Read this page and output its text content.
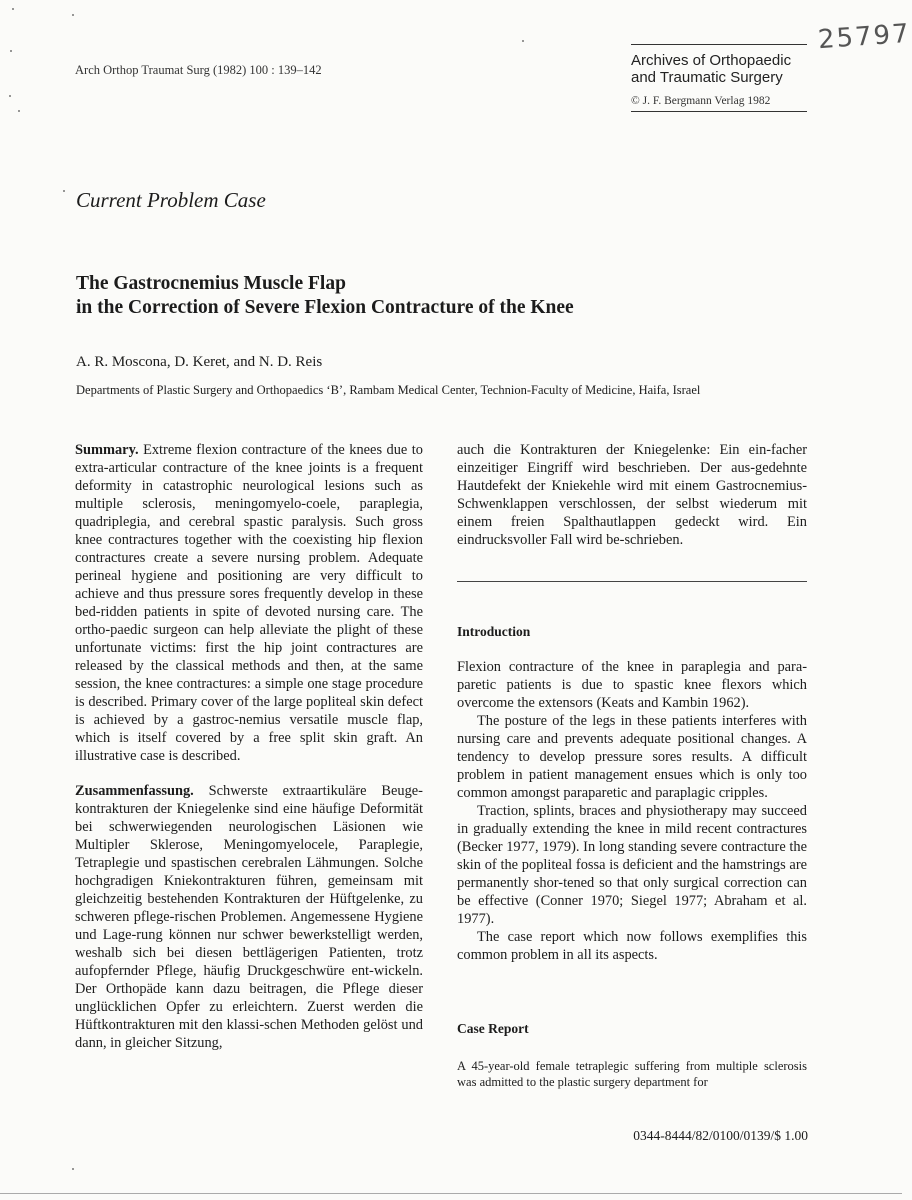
Arch Orthop Traumat Surg (1982) 100 : 139–142
Archives of Orthopaedic
and Traumatic Surgery
© J. F. Bergmann Verlag 1982
25797
Current Problem Case
The Gastrocnemius Muscle Flap
in the Correction of Severe Flexion Contracture of the Knee
A. R. Moscona, D. Keret, and N. D. Reis
Departments of Plastic Surgery and Orthopaedics ‘B’, Rambam Medical Center, Technion-Faculty of Medicine, Haifa, Israel

Summary. Extreme flexion contracture of the knees due to extra-articular contracture of the knee joints is a frequent deformity in catastrophic neurological lesions such as multiple sclerosis, meningomyelo-coele, paraplegia, quadriplegia, and cerebral spastic paralysis. Such gross knee contractures together with the coexisting hip flexion contractures create a severe nursing problem. Adequate perineal hygiene and positioning are very difficult to achieve and thus pressure sores frequently develop in these bed-ridden patients in spite of devoted nursing care. The ortho-paedic surgeon can help alleviate the plight of these unfortunate victims: first the hip joint contractures are released by the classical methods and then, at the same session, the knee contractures: a simple one stage procedure is described. Primary cover of the large popliteal skin defect is achieved by a gastroc-nemius versatile muscle flap, which is itself covered by a free split skin graft. An illustrative case is described.

Zusammenfassung. Schwerste extraartikuläre Beuge-kontrakturen der Kniegelenke sind eine häufige Deformität bei schwerwiegenden neurologischen Läsionen wie Multipler Sklerose, Meningomyelocele, Paraplegie, Tetraplegie und spastischen cerebralen Lähmungen. Solche hochgradigen Kniekontrakturen führen, gemeinsam mit gleichzeitig bestehenden Kontrakturen der Hüftgelenke, zu schweren pflege-rischen Problemen. Angemessene Hygiene und Lage-rung können nur schwer bewerkstelligt werden, weshalb sich bei diesen bettlägerigen Patienten, trotz aufopfernder Pflege, häufig Druckgeschwüre ent-wickeln. Der Orthopäde kann dazu beitragen, die Pflege dieser unglücklichen Opfer zu erleichtern. Zuerst werden die Hüftkontrakturen mit den klassi-schen Methoden gelöst und dann, in gleicher Sitzung,

auch die Kontrakturen der Kniegelenke: Ein ein-facher einzeitiger Eingriff wird beschrieben. Der aus-gedehnte Hautdefekt der Kniekehle wird mit einem Gastrocnemius-Schwenklappen verschlossen, der selbst wiederum mit einem freien Spalthautlappen gedeckt wird. Ein eindrucksvoller Fall wird be-schrieben.

Introduction

Flexion contracture of the knee in paraplegia and para-paretic patients is due to spastic knee flexors which overcome the extensors (Keats and Kambin 1962).

The posture of the legs in these patients interferes with nursing care and prevents adequate positional changes. A tendency to develop pressure sores results. A difficult problem in patient management ensues which is only too common amongst paraparetic and paraplagic cripples.

Traction, splints, braces and physiotherapy may succeed in gradually extending the knee in mild recent contractures (Becker 1977, 1979). In long standing severe contracture the skin of the popliteal fossa is deficient and the hamstrings are permanently shor-tened so that only surgical correction can be effective (Conner 1970; Siegel 1977; Abraham et al. 1977).

The case report which now follows exemplifies this common problem in all its aspects.

Case Report
A 45-year-old female tetraplegic suffering from multiple sclerosis was admitted to the plastic surgery department for
0344-8444/82/0100/0139/$ 1.00
